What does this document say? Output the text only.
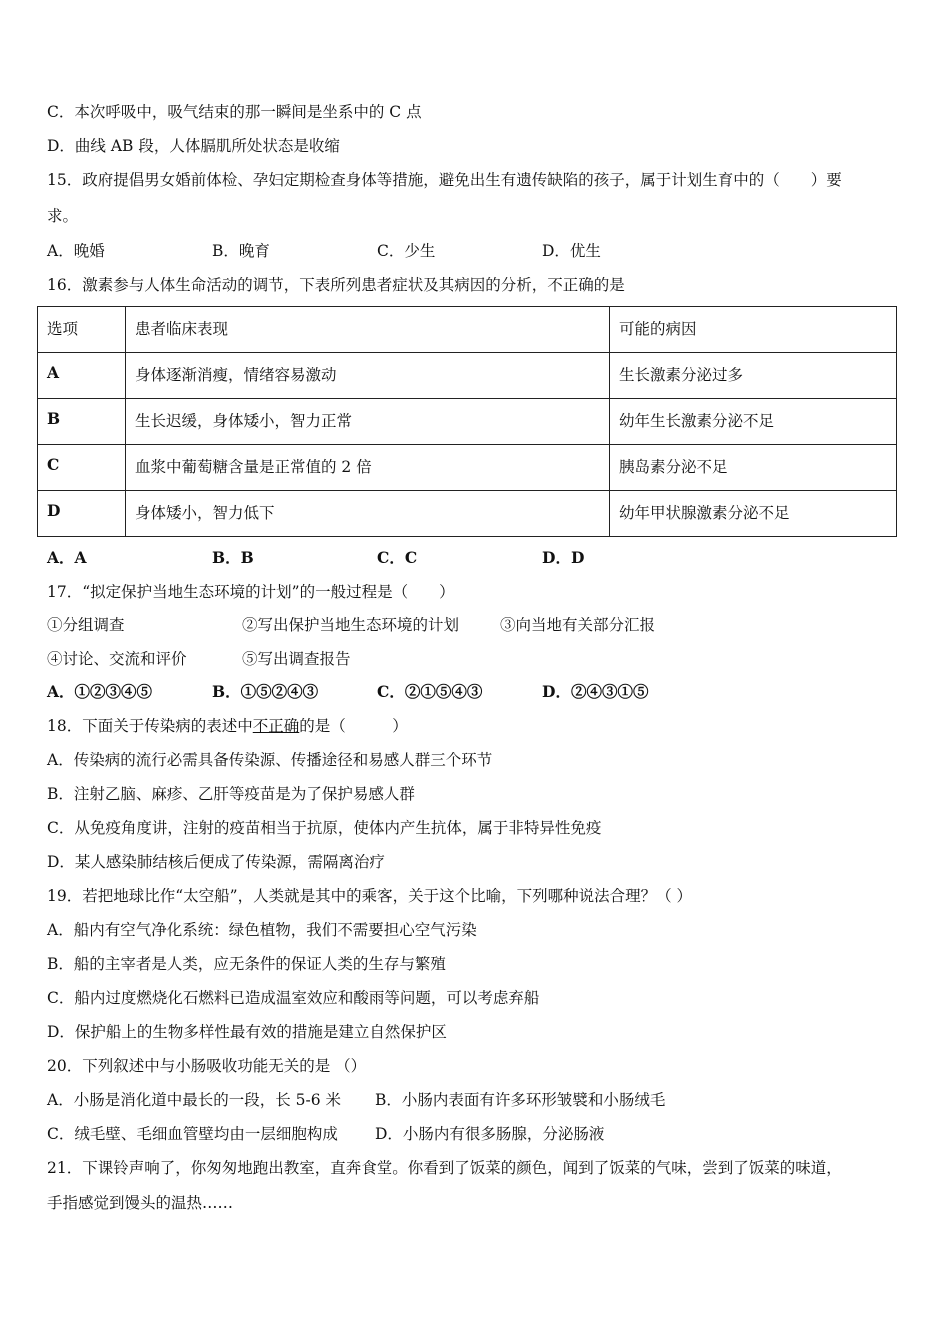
C．本次呼吸中，吸气结束的那一瞬间是坐系中的 C 点
D．曲线 AB 段，人体膈肌所处状态是收缩
15．政府提倡男女婚前体检、孕妇定期检查身体等措施，避免出生有遗传缺陷的孩子，属于计划生育中的（　　）要
求。
A．晚婚	B．晚育	C．少生	D．优生
16．激素参与人体生命活动的调节，下表所列患者症状及其病因的分析，不正确的是
选项	患者临床表现	可能的病因
A	身体逐渐消瘦，情绪容易激动	生长激素分泌过多
B	生长迟缓，身体矮小，智力正常	幼年生长激素分泌不足
C	血浆中葡萄糖含量是正常值的 2 倍	胰岛素分泌不足
D	身体矮小，智力低下	幼年甲状腺激素分泌不足
A．A	B．B	C．C	D．D
17．“拟定保护当地生态环境的计划”的一般过程是（　　）
①分组调查	②写出保护当地生态环境的计划	③向当地有关部分汇报
④讨论、交流和评价	⑤写出调查报告
A．①②③④⑤	B．①⑤②④③	C．②①⑤④③	D．②④③①⑤
18．下面关于传染病的表述中不正确的是（　　　）
A．传染病的流行必需具备传染源、传播途径和易感人群三个环节
B．注射乙脑、麻疹、乙肝等疫苗是为了保护易感人群
C．从免疫角度讲，注射的疫苗相当于抗原，使体内产生抗体，属于非特异性免疫
D．某人感染肺结核后便成了传染源，需隔离治疗
19．若把地球比作“太空船”，人类就是其中的乘客，关于这个比喻，下列哪种说法合理？（ ）
A．船内有空气净化系统：绿色植物，我们不需要担心空气污染
B．船的主宰者是人类，应无条件的保证人类的生存与繁殖
C．船内过度燃烧化石燃料已造成温室效应和酸雨等问题，可以考虑弃船
D．保护船上的生物多样性最有效的措施是建立自然保护区
20．下列叙述中与小肠吸收功能无关的是 （）
A．小肠是消化道中最长的一段，长 5-6 米 B．小肠内表面有许多环形皱襞和小肠绒毛
C．绒毛壁、毛细血管壁均由一层细胞构成 D．小肠内有很多肠腺，分泌肠液
21．下课铃声响了，你匆匆地跑出教室，直奔食堂。你看到了饭菜的颜色，闻到了饭菜的气味，尝到了饭菜的味道，
手指感觉到馒头的温热……
